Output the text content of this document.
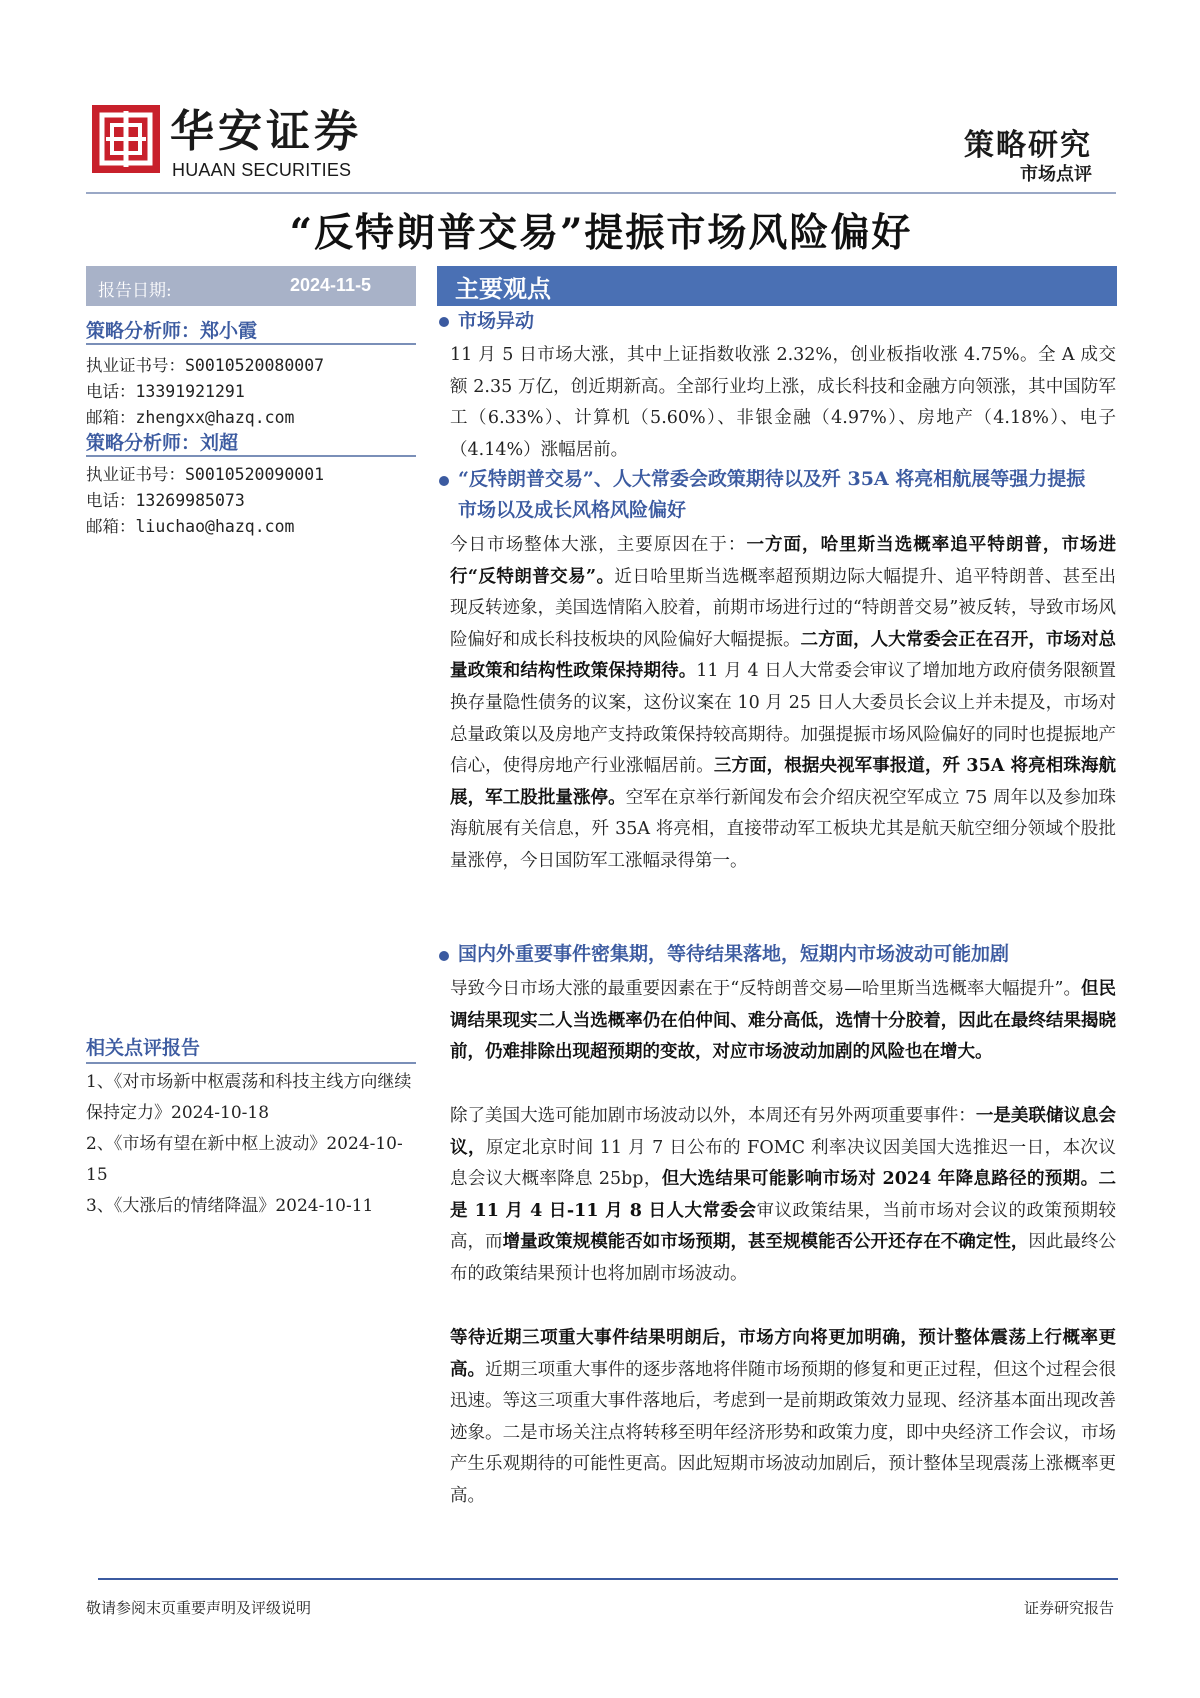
华安证券
HUAAN SECURITIES
策略研究
市场点评
“反特朗普交易”提振市场风险偏好
报告日期:	2024-11-5
策略分析师：郑小霞
执业证书号：S0010520080007
电话：13391921291
邮箱：zhengxx@hazq.com
策略分析师：刘超
执业证书号：S0010520090001
电话：13269985073
邮箱：liuchao@hazq.com
相关点评报告
1、《对市场新中枢震荡和科技主线方向继续保持定力》2024-10-18
2、《市场有望在新中枢上波动》2024-10-15
3、《大涨后的情绪降温》2024-10-11
主要观点
市场异动
11 月 5 日市场大涨，其中上证指数收涨 2.32%，创业板指收涨 4.75%。全 A 成交额 2.35 万亿，创近期新高。全部行业均上涨，成长科技和金融方向领涨，其中国防军工（6.33%）、计算机（5.60%）、非银金融（4.97%）、房地产（4.18%）、电子（4.14%）涨幅居前。
“反特朗普交易”、人大常委会政策期待以及歼 35A 将亮相航展等强力提振市场以及成长风格风险偏好
今日市场整体大涨，主要原因在于：一方面，哈里斯当选概率追平特朗普，市场进行“反特朗普交易”。近日哈里斯当选概率超预期边际大幅提升、追平特朗普、甚至出现反转迹象，美国选情陷入胶着，前期市场进行过的“特朗普交易”被反转，导致市场风险偏好和成长科技板块的风险偏好大幅提振。二方面，人大常委会正在召开，市场对总量政策和结构性政策保持期待。11 月 4 日人大常委会审议了增加地方政府债务限额置换存量隐性债务的议案，这份议案在 10 月 25 日人大委员长会议上并未提及，市场对总量政策以及房地产支持政策保持较高期待。加强提振市场风险偏好的同时也提振地产信心，使得房地产行业涨幅居前。三方面，根据央视军事报道，歼 35A 将亮相珠海航展，军工股批量涨停。空军在京举行新闻发布会介绍庆祝空军成立 75 周年以及参加珠海航展有关信息，歼 35A 将亮相，直接带动军工板块尤其是航天航空细分领域个股批量涨停，今日国防军工涨幅录得第一。
国内外重要事件密集期，等待结果落地，短期内市场波动可能加剧
导致今日市场大涨的最重要因素在于“反特朗普交易—哈里斯当选概率大幅提升”。但民调结果现实二人当选概率仍在伯仲间、难分高低，选情十分胶着，因此在最终结果揭晓前，仍难排除出现超预期的变故，对应市场波动加剧的风险也在增大。
除了美国大选可能加剧市场波动以外，本周还有另外两项重要事件：一是美联储议息会议，原定北京时间 11 月 7 日公布的 FOMC 利率决议因美国大选推迟一日，本次议息会议大概率降息 25bp，但大选结果可能影响市场对 2024 年降息路径的预期。二是 11 月 4 日-11 月 8 日人大常委会审议政策结果，当前市场对会议的政策预期较高，而增量政策规模能否如市场预期，甚至规模能否公开还存在不确定性，因此最终公布的政策结果预计也将加剧市场波动。
等待近期三项重大事件结果明朗后，市场方向将更加明确，预计整体震荡上行概率更高。近期三项重大事件的逐步落地将伴随市场预期的修复和更正过程，但这个过程会很迅速。等这三项重大事件落地后，考虑到一是前期政策效力显现、经济基本面出现改善迹象。二是市场关注点将转移至明年经济形势和政策力度，即中央经济工作会议，市场产生乐观期待的可能性更高。因此短期市场波动加剧后，预计整体呈现震荡上涨概率更高。
敬请参阅末页重要声明及评级说明	证券研究报告
